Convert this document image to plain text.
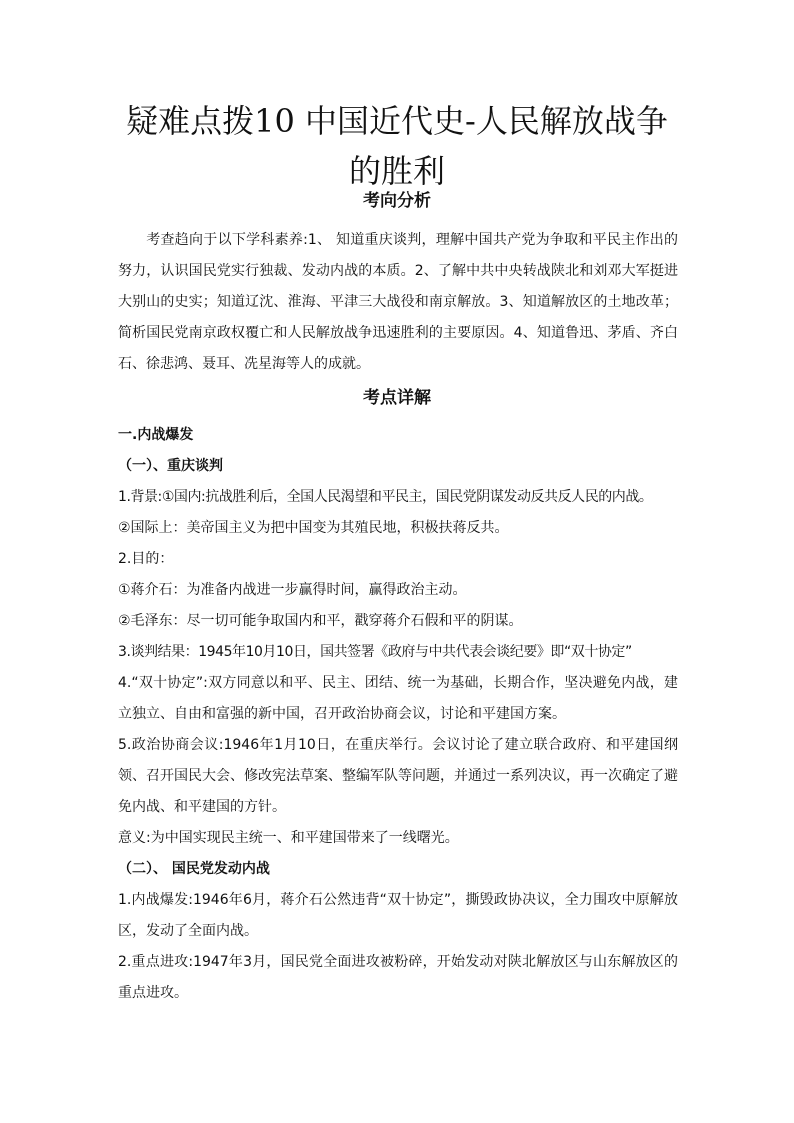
疑难点拨10 中国近代史-人民解放战争
的胜利
考向分析

考查趋向于以下学科素养:1、 知道重庆谈判，理解中国共产党为争取和平民主作出的努力，认识国民党实行独裁、发动内战的本质。2、了解中共中央转战陕北和刘邓大军挺进大别山的史实；知道辽沈、淮海、平津三大战役和南京解放。3、知道解放区的土地改革；简析国民党南京政权覆亡和人民解放战争迅速胜利的主要原因。4、知道鲁迅、茅盾、齐白石、徐悲鸿、聂耳、冼星海等人的成就。

考点详解

一.内战爆发

（一）、重庆谈判

1.背景:①国内:抗战胜利后，全国人民渴望和平民主，国民党阴谋发动反共反人民的内战。

②国际上：美帝国主义为把中国变为其殖民地，积极扶蒋反共。

2.目的：

①蒋介石：为准备内战进一步赢得时间，赢得政治主动。

②毛泽东：尽一切可能争取国内和平，戳穿蒋介石假和平的阴谋。

3.谈判结果：1945年10月10日，国共签署《政府与中共代表会谈纪要》即“双十协定”

4.“双十协定”:双方同意以和平、民主、团结、统一为基础，长期合作，坚决避免内战，建立独立、自由和富强的新中国，召开政治协商会议，讨论和平建国方案。

5.政治协商会议:1946年1月10日，在重庆举行。会议讨论了建立联合政府、和平建国纲领、召开国民大会、修改宪法草案、整编军队等问题，并通过一系列决议，再一次确定了避免内战、和平建国的方针。

意义:为中国实现民主统一、和平建国带来了一线曙光。

（二）、 国民党发动内战

1.内战爆发:1946年6月，蒋介石公然违背“双十协定”，撕毁政协决议，全力围攻中原解放区，发动了全面内战。

2.重点进攻:1947年3月，国民党全面进攻被粉碎，开始发动对陕北解放区与山东解放区的重点进攻。
